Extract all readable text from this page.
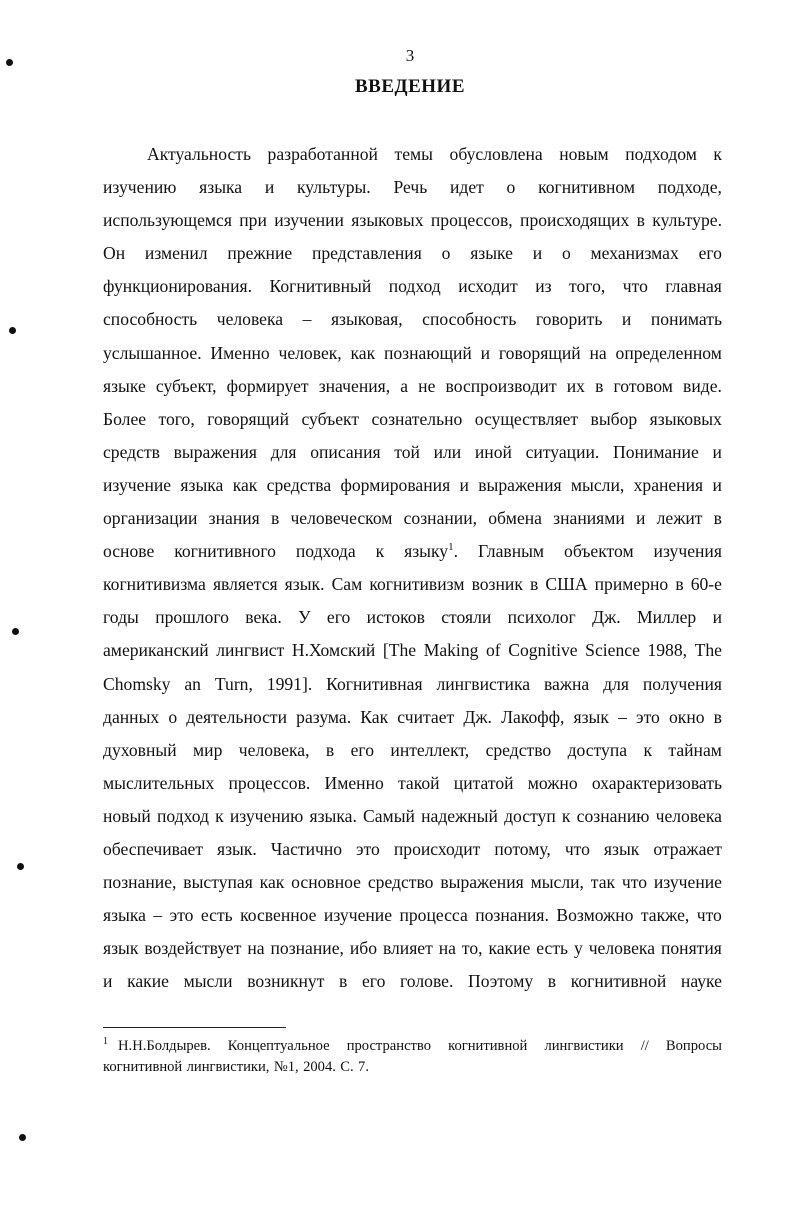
3
ВВЕДЕНИЕ
Актуальность разработанной темы обусловлена новым подходом к
изучению языка и культуры. Речь идет о когнитивном подходе,
использующемся при изучении языковых процессов, происходящих в культуре.
Он изменил прежние представления о языке и о механизмах его
функционирования. Когнитивный подход исходит из того, что главная
способность человека – языковая, способность говорить и понимать
услышанное. Именно человек, как познающий и говорящий на определенном
языке субъект, формирует значения, а не воспроизводит их в готовом виде.
Более того, говорящий субъект сознательно осуществляет выбор языковых
средств выражения для описания той или иной ситуации. Понимание и
изучение языка как средства формирования и выражения мысли, хранения и
организации знания в человеческом сознании, обмена знаниями и лежит в
основе когнитивного подхода к языку$^1$. Главным объектом изучения
когнитивизма является язык. Сам когнитивизм возник в США примерно в 60-е
годы прошлого века. У его истоков стояли психолог Дж. Миллер и
американский лингвист Н.Хомский [The Making of Cognitive Science 1988, The
Chomsky an Turn, 1991]. Когнитивная лингвистика важна для получения
данных о деятельности разума. Как считает Дж. Лакофф, язык – это окно в
духовный мир человека, в его интеллект, средство доступа к тайнам
мыслительных процессов. Именно такой цитатой можно охарактеризовать
новый подход к изучению языка. Самый надежный доступ к сознанию человека
обеспечивает язык. Частично это происходит потому, что язык отражает
познание, выступая как основное средство выражения мысли, так что изучение
языка – это есть косвенное изучение процесса познания. Возможно также, что
язык воздействует на познание, ибо влияет на то, какие есть у человека понятия
и какие мысли возникнут в его голове. Поэтому в когнитивной науке
$^1$ Н.Н.Болдырев. Концептуальное пространство когнитивной лингвистики // Вопросы
когнитивной лингвистики, №1, 2004. С. 7.
